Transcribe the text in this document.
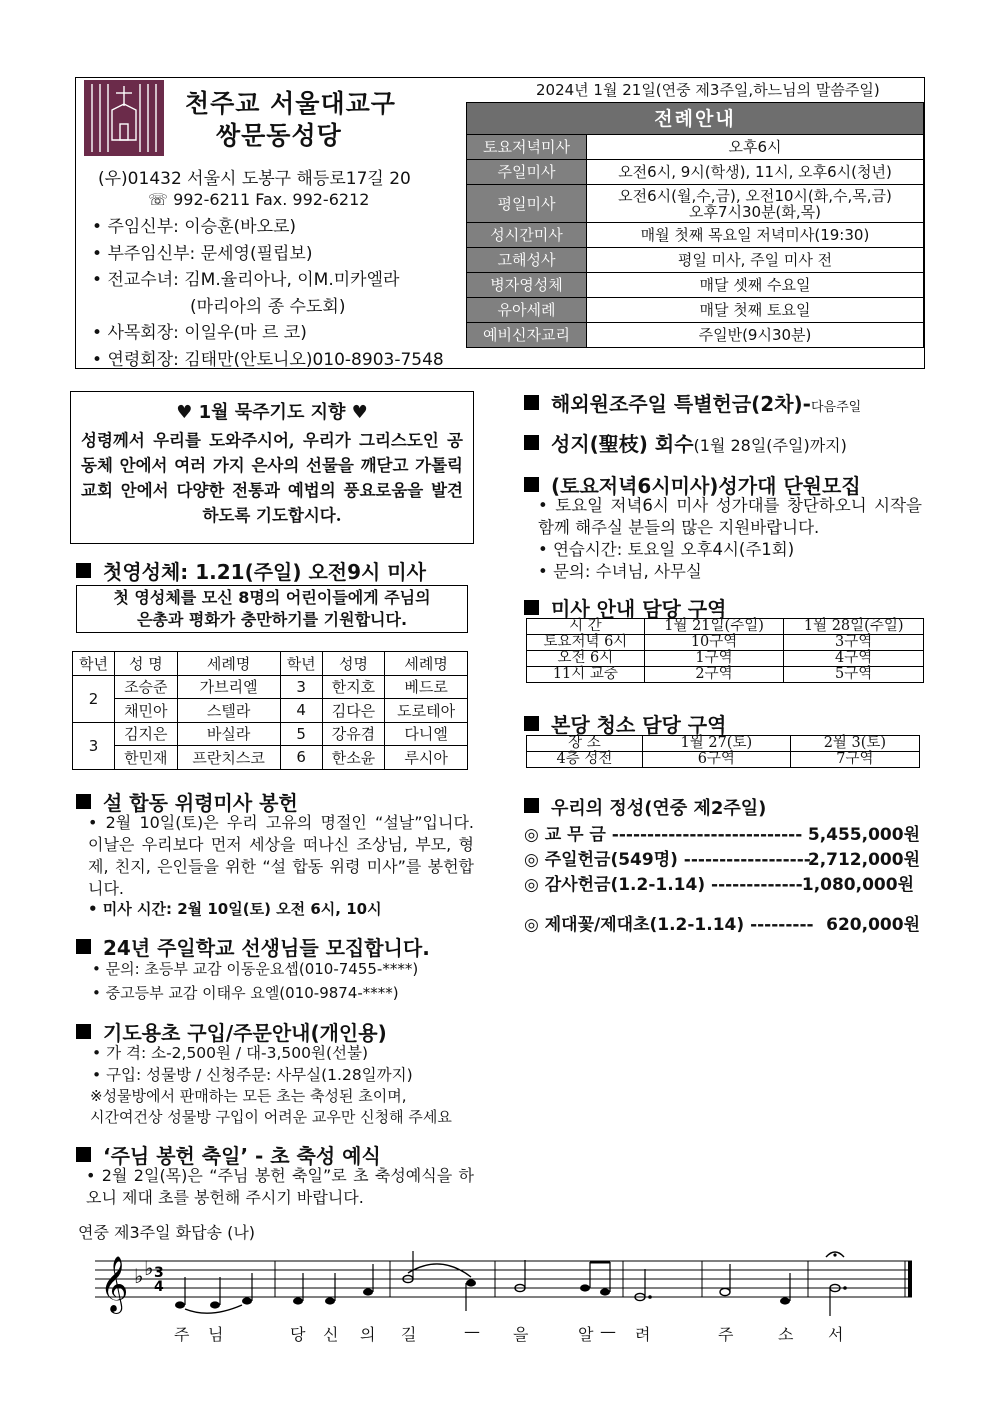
천주교 서울대교구
쌍문동성당
(우)01432 서울시 도봉구 해등로17길 20
☏ 992-6211 Fax. 992-6212
• 주임신부: 이승훈(바오로)
• 부주임신부: 문세영(필립보)
• 전교수녀: 김M.율리아나, 이M.미카엘라
(마리아의 종 수도회)
• 사목회장: 이일우(마 르 코)
• 연령회장: 김태만(안토니오)010-8903-7548
2024년 1월 21일(연중 제3주일,하느님의 말씀주일)
전례안내	
토요저녁미사	오후6시
주일미사	오전6시, 9시(학생), 11시, 오후6시(청년)
평일미사	오전6시(월,수,금), 오전10시(화,수,목,금)
오후7시30분(화,목)

성시간미사	매월 첫째 목요일 저녁미사(19:30)
고해성사	평일 미사, 주일 미사 전
병자영성체	매달 셋째 수요일
유아세례	매달 첫째 토요일
예비신자교리	주일반(9시30분)
♥ 1월 묵주기도 지향 ♥

성령께서 우리를 도와주시어, 우리가 그리스도인 공동체 안에서 여러 가지 은사의 선물을 깨닫고 가톨릭 교회 안에서 다양한 전통과 예법의 풍요로움을 발견하도록 기도합시다.

첫영성체: 1.21(주일) 오전9시 미사
첫 영성체를 모신 8명의 어린이들에게 주님의
은총과 평화가 충만하기를 기원합니다.
학년	성 명	세례명	학년	성명	세례명
2	조승준	가브리엘	3	한지호	베드로
	채민아	스텔라	4	김다은	도로테아
3	김지은	바실라	5	강유겸	다니엘
	한민재	프란치스코	6	한소윤	루시아
설 합동 위령미사 봉헌
• 2월 10일(토)은 우리 고유의 명절인 “설날”입니다. 이날은 우리보다 먼저 세상을 떠나신 조상님, 부모, 형제, 친지, 은인들을 위한 “설 합동 위령 미사”를 봉헌합니다.
• 미사 시간: 2월 10일(토) 오전 6시, 10시
24년 주일학교 선생님들 모집합니다.
• 문의: 초등부 교감 이동운요셉(010-7455-****)
• 중고등부 교감 이태우 요엘(010-9874-****)
기도용초 구입/주문안내(개인용)
• 가 격: 소-2,500원 / 대-3,500원(선불)
• 구입: 성물방 / 신청주문: 사무실(1.28일까지)
※성물방에서 판매하는 모든 초는 축성된 초이며,
시간여건상 성물방 구입이 어려운 교우만 신청해 주세요
‘주님 봉헌 축일’ - 초 축성 예식
• 2월 2일(목)은 “주님 봉헌 축일”로 초 축성예식을 하오니 제대 초를 봉헌해 주시기 바랍니다.
해외원조주일 특별헌금(2차)-다음주일
성지(聖枝) 회수(1월 28일(주일)까지)
(토요저녁6시미사)성가대 단원모집
• 토요일 저녁6시 미사 성가대를 창단하오니 시작을 함께 해주실 분들의 많은 지원바랍니다.
• 연습시간: 토요일 오후4시(주1회)
• 문의: 수녀님, 사무실
미사 안내 담당 구역
시 간	1월 21일(주일)	1월 28일(주일)
토요저녁 6시	10구역	3구역
오전 6시	1구역	4구역
11시 교중	2구역	5구역
본당 청소 담당 구역
장 소	1월 27(토)	2월 3(토)
4층 성전	6구역	7구역
우리의 정성(연중 제2주일)
◎ 교 무 금 --------------------------- 5,455,000원
◎ 주일헌금(549명) ------------------
2,712,000원
◎ 감사헌금(1.2-1.14) ------------- 1,080,000원
◎ 제대꽃/제대초(1.2-1.14) --------- 620,000원
연중 제3주일 화답송 (나)
𝄞 ♭ ♭ 3
4
주 님	당 신 의 길	— 을	알 — 려	주	소 서
